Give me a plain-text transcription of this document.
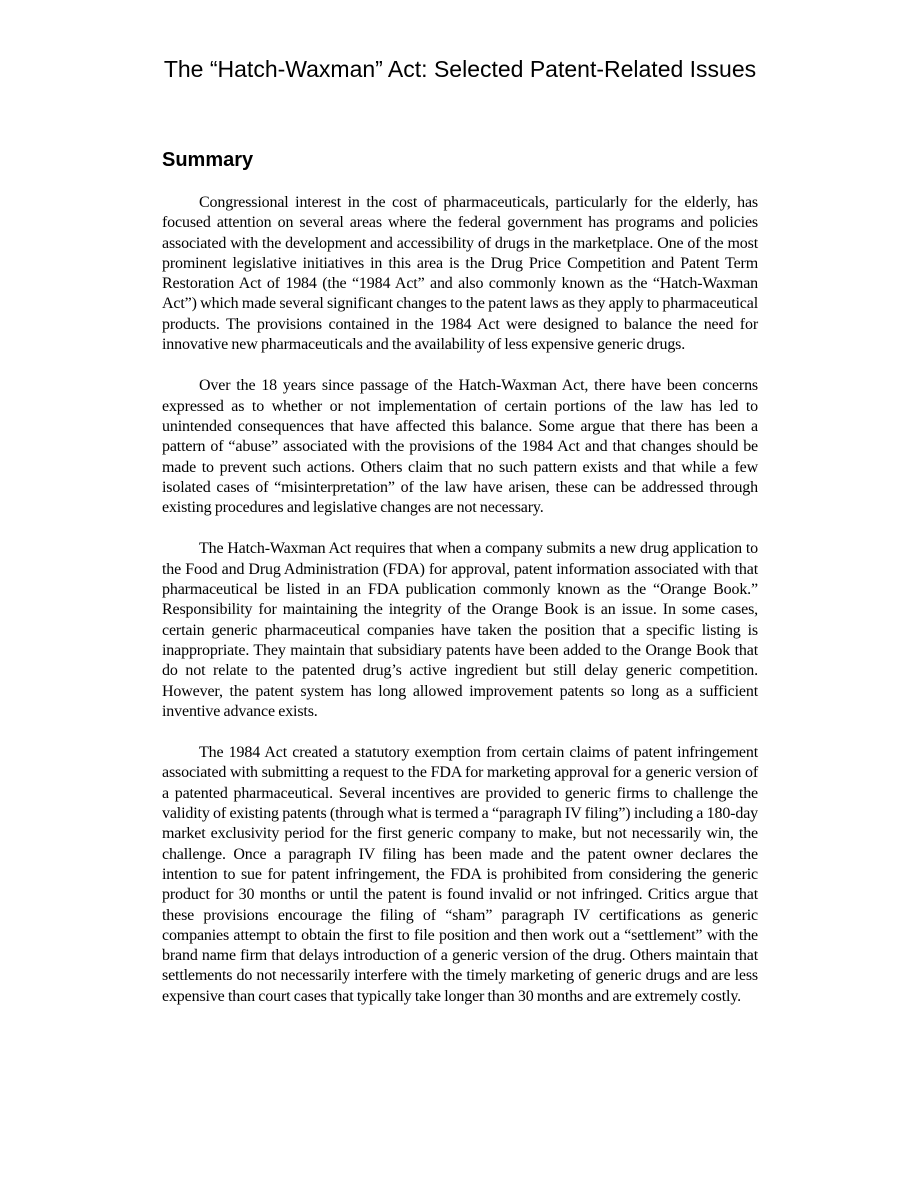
The “Hatch-Waxman” Act: Selected Patent-Related Issues
Summary

Congressional interest in the cost of pharmaceuticals, particularly for the elderly, has focused attention on several areas where the federal government has programs and policies associated with the development and accessibility of drugs in the marketplace. One of the most prominent legislative initiatives in this area is the Drug Price Competition and Patent Term Restoration Act of 1984 (the “1984 Act” and also commonly known as the “Hatch-Waxman Act”) which made several significant changes to the patent laws as they apply to pharmaceutical products. The provisions contained in the 1984 Act were designed to balance the need for innovative new pharmaceuticals and the availability of less expensive generic drugs.

Over the 18 years since passage of the Hatch-Waxman Act, there have been concerns expressed as to whether or not implementation of certain portions of the law has led to unintended consequences that have affected this balance. Some argue that there has been a pattern of “abuse” associated with the provisions of the 1984 Act and that changes should be made to prevent such actions. Others claim that no such pattern exists and that while a few isolated cases of “misinterpretation” of the law have arisen, these can be addressed through existing procedures and legislative changes are not necessary.

The Hatch-Waxman Act requires that when a company submits a new drug application to the Food and Drug Administration (FDA) for approval, patent information associated with that pharmaceutical be listed in an FDA publication commonly known as the “Orange Book.” Responsibility for maintaining the integrity of the Orange Book is an issue. In some cases, certain generic pharmaceutical companies have taken the position that a specific listing is inappropriate. They maintain that subsidiary patents have been added to the Orange Book that do not relate to the patented drug’s active ingredient but still delay generic competition. However, the patent system has long allowed improvement patents so long as a sufficient inventive advance exists.

The 1984 Act created a statutory exemption from certain claims of patent infringement associated with submitting a request to the FDA for marketing approval for a generic version of a patented pharmaceutical. Several incentives are provided to generic firms to challenge the validity of existing patents (through what is termed a “paragraph IV filing”) including a 180-day market exclusivity period for the first generic company to make, but not necessarily win, the challenge. Once a paragraph IV filing has been made and the patent owner declares the intention to sue for patent infringement, the FDA is prohibited from considering the generic product for 30 months or until the patent is found invalid or not infringed. Critics argue that these provisions encourage the filing of “sham” paragraph IV certifications as generic companies attempt to obtain the first to file position and then work out a “settlement” with the brand name firm that delays introduction of a generic version of the drug. Others maintain that settlements do not necessarily interfere with the timely marketing of generic drugs and are less expensive than court cases that typically take longer than 30 months and are extremely costly.
